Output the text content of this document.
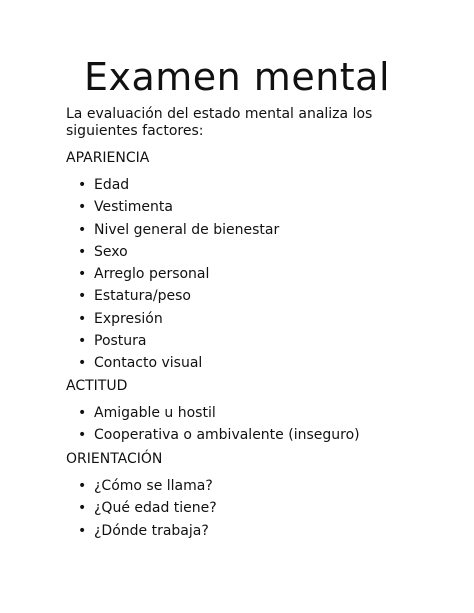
Examen mental

La evaluación del estado mental analiza los siguientes factores:

APARIENCIA
• Edad
• Vestimenta
• Nivel general de bienestar
• Sexo
• Arreglo personal
• Estatura/peso
• Expresión
• Postura
• Contacto visual
ACTITUD
• Amigable u hostil
• Cooperativa o ambivalente (inseguro)
ORIENTACIÓN
• ¿Cómo se llama?
• ¿Qué edad tiene?
• ¿Dónde trabaja?
